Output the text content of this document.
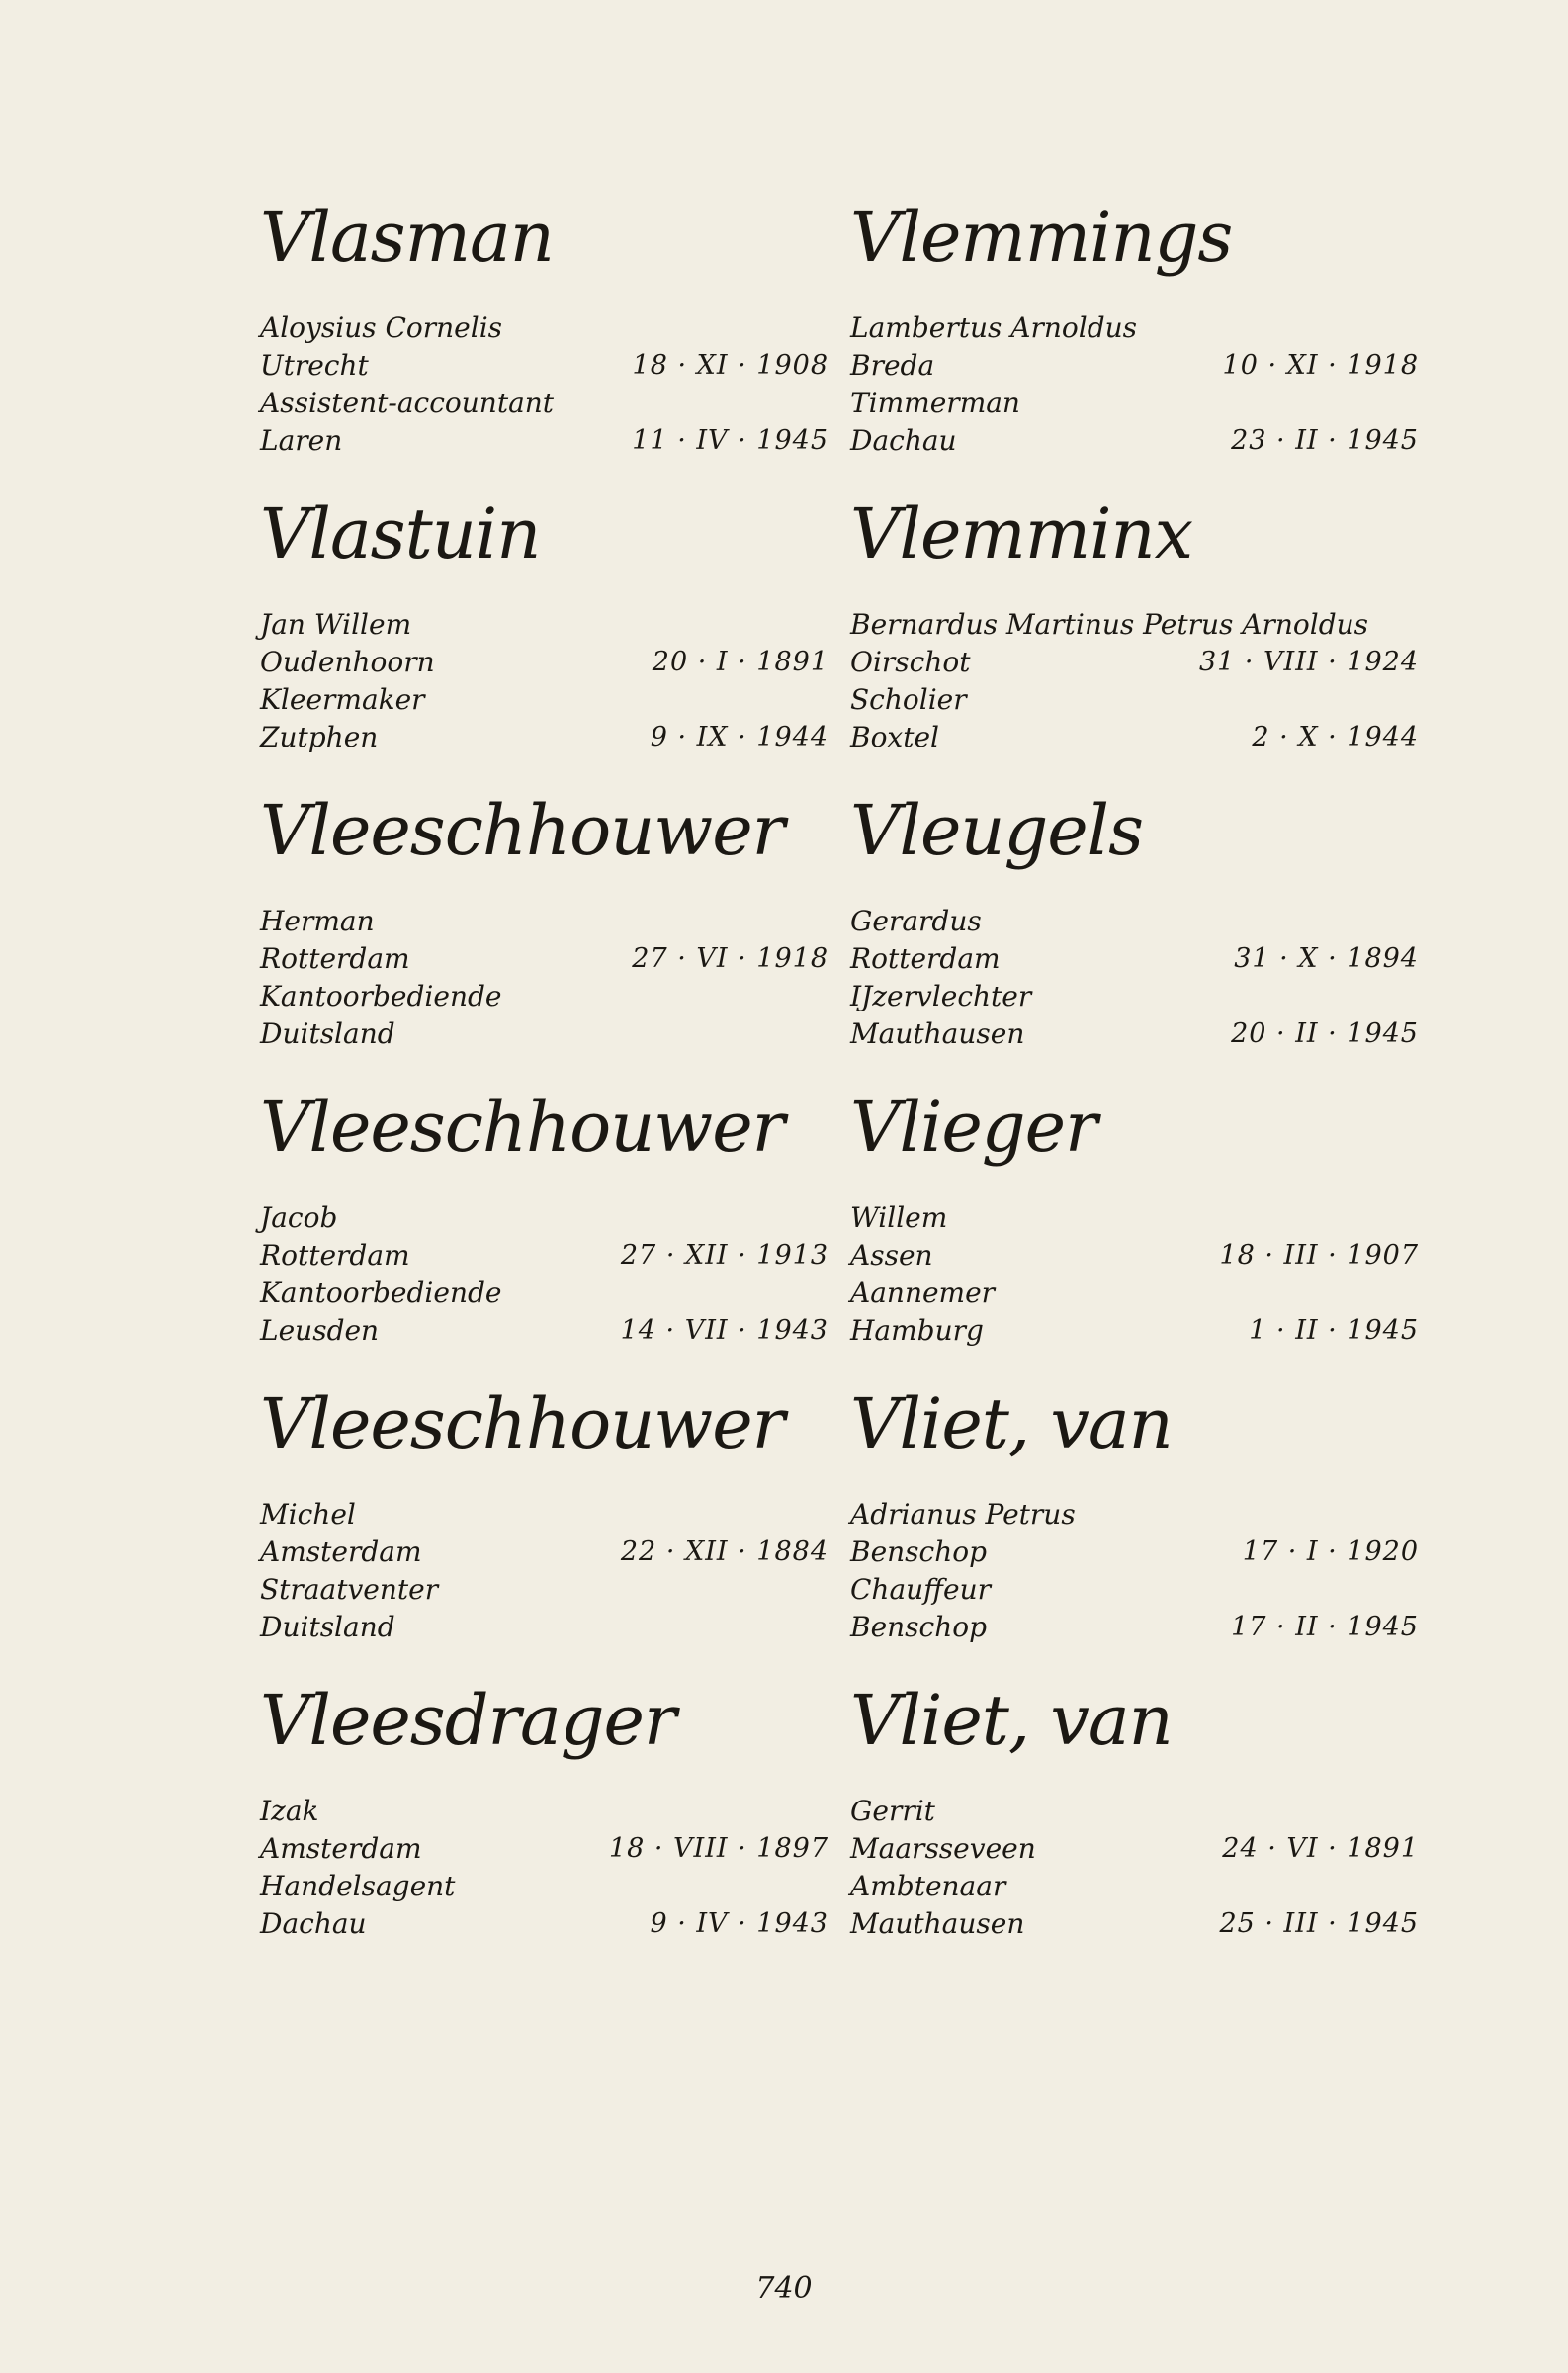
Vlasman
Aloysius Cornelis
Utrecht	18 · XI · 1908
Assistent-accountant
Laren	11 · IV · 1945
Vlastuin
Jan Willem
Oudenhoorn	20 · I · 1891
Kleermaker
Zutphen	9 · IX · 1944
Vleeschhouwer
Herman
Rotterdam	27 · VI · 1918
Kantoorbediende
Duitsland
Vleeschhouwer
Jacob
Rotterdam	27 · XII · 1913
Kantoorbediende
Leusden	14 · VII · 1943
Vleeschhouwer
Michel
Amsterdam	22 · XII · 1884
Straatventer
Duitsland
Vleesdrager
Izak
Amsterdam	18 · VIII · 1897
Handelsagent
Dachau	9 · IV · 1943
Vlemmings
Lambertus Arnoldus
Breda	10 · XI · 1918
Timmerman
Dachau	23 · II · 1945
Vlemminx
Bernardus Martinus Petrus Arnoldus
Oirschot	31 · VIII · 1924
Scholier
Boxtel	2 · X · 1944
Vleugels
Gerardus
Rotterdam	31 · X · 1894
IJzervlechter
Mauthausen	20 · II · 1945
Vlieger
Willem
Assen	18 · III · 1907
Aannemer
Hamburg	1 · II · 1945
Vliet, van
Adrianus Petrus
Benschop	17 · I · 1920
Chauffeur
Benschop	17 · II · 1945
Vliet, van
Gerrit
Maarsseveen	24 · VI · 1891
Ambtenaar
Mauthausen	25 · III · 1945
740
